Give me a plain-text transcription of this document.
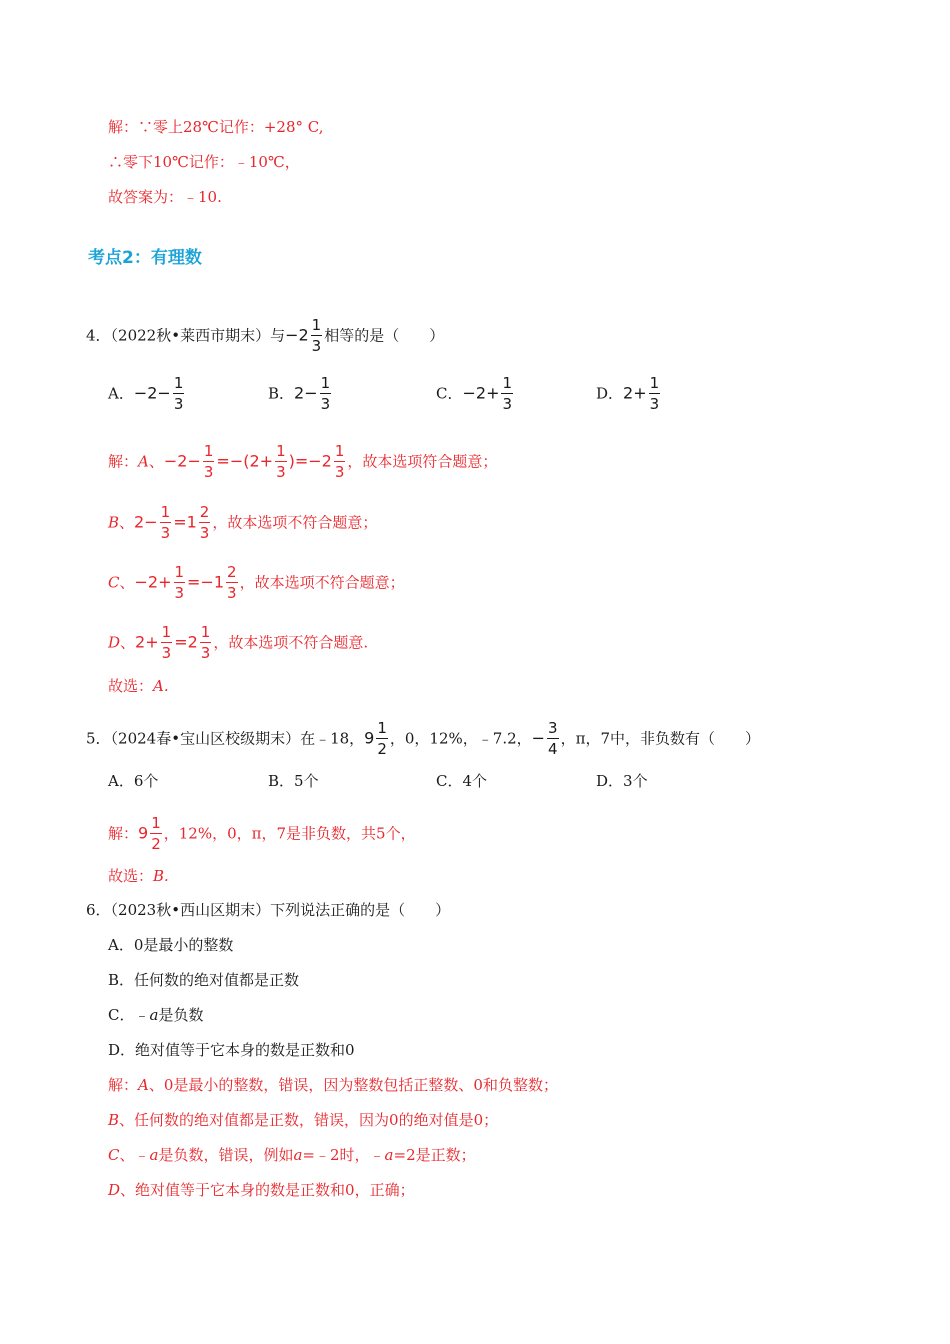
解：∵零上28℃记作：+28° C,
∴零下10℃记作：﹣10℃，
故答案为：﹣10.
考点2：有理数
4．（2022秋•莱西市期末）与$-2 \frac{1}{3}$ 相等的是（　　）
A．$-2- \frac{1}{3}$	B．$2- \frac{1}{3}$	C．$-2+ \frac{1}{3}$	D．$2+ \frac{1}{3}$
解：A、$-2- \frac{1}{3} =-(2+ \frac{1}{3} )=-2 \frac{1}{3}$ ，故本选项符合题意；
B、$2- \frac{1}{3} =1 \frac{2}{3}$ ，故本选项不符合题意；
C、$-2+ \frac{1}{3} =-1 \frac{2}{3}$ ，故本选项不符合题意；
D、$2+ \frac{1}{3} =2 \frac{1}{3}$ ，故本选项不符合题意.
故选：A.
5．（2024春•宝山区校级期末）在﹣18，$9 \frac{1}{2}$ ，0，12%，﹣7.2，− $\frac{3}{4}$ ，π，7中，非负数有（　　）
A．6个	B．5个	C．4个	D．3个
解：$9 \frac{1}{2}$ ，12%，0，π，7是非负数，共5个，
故选：B.
6．（2023秋•西山区期末）下列说法正确的是（　　）
A．0是最小的整数
B．任何数的绝对值都是正数
C．﹣a是负数
D．绝对值等于它本身的数是正数和0
解：A、0是最小的整数，错误，因为整数包括正整数、0和负整数；
B、任何数的绝对值都是正数，错误，因为0的绝对值是0；
C、﹣a是负数，错误，例如a=﹣2时，﹣a=2是正数；
D、绝对值等于它本身的数是正数和0，正确；
